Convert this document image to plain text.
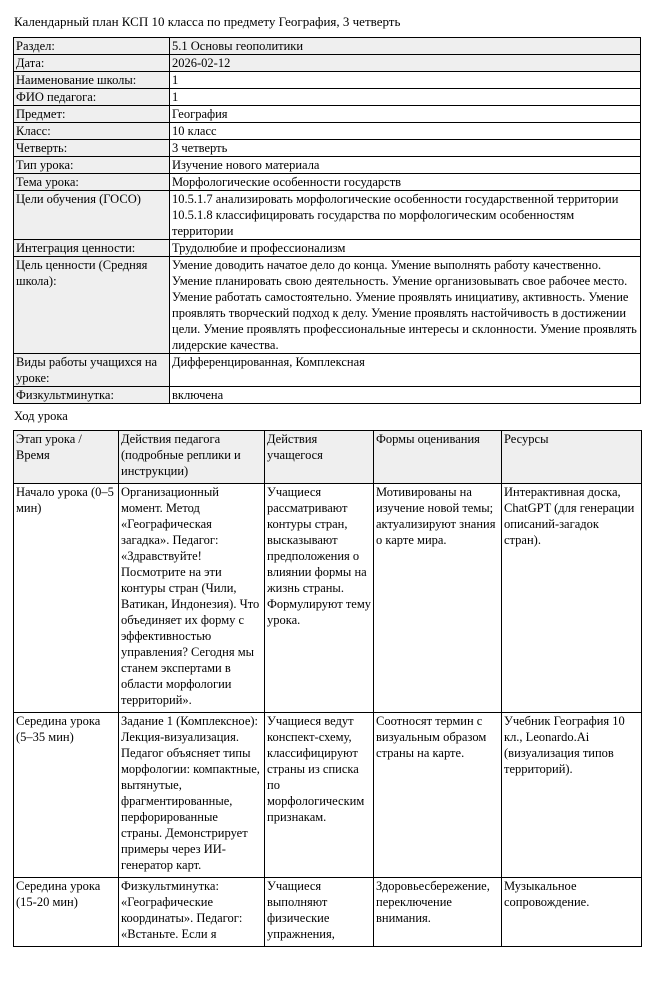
Календарный план КСП 10 класса по предмету География, 3 четверть
Раздел:	5.1 Основы геополитики
Дата:	2026-02-12
Наименование школы:	1
ФИО педагога:	1
Предмет:	География
Класс:	10 класс
Четверть:	3 четверть
Тип урока:	Изучение нового материала
Тема урока:	Морфологические особенности государств
Цели обучения (ГОСО)	10.5.1.7 анализировать морфологические особенности государственной территории 10.5.1.8 классифицировать государства по морфологическим особенностям территории
Интеграция ценности:	Трудолюбие и профессионализм
Цель ценности (Средняя школа):	Умение доводить начатое дело до конца. Умение выполнять работу качественно. Умение планировать свою деятельность. Умение организовывать свое рабочее место. Умение работать самостоятельно. Умение проявлять инициативу, активность. Умение проявлять творческий подход к делу. Умение проявлять настойчивость в достижении цели. Умение проявлять профессиональные интересы и склонности. Умение проявлять лидерские качества.
Виды работы учащихся на уроке:	Дифференцированная, Комплексная
Физкультминутка:	включена
Ход урока
Этап урока / Время	Действия педагога (подробные реплики и инструкции)	Действия учащегося	Формы оценивания	Ресурсы
Начало урока (0–5 мин)	Организационный момент. Метод «Географическая загадка». Педагог: «Здравствуйте! Посмотрите на эти контуры стран (Чили, Ватикан, Индонезия). Что объединяет их форму с эффективностью управления? Сегодня мы станем экспертами в области морфологии территорий».	Учащиеся рассматривают контуры стран, высказывают предположения о влиянии формы на жизнь страны. Формулируют тему урока.	Мотивированы на изучение новой темы; актуализируют знания о карте мира.	Интерактивная доска, ChatGPT (для генерации описаний-загадок стран).
Середина урока (5–35 мин)	Задание 1 (Комплексное): Лекция-визуализация. Педагог объясняет типы морфологии: компактные, вытянутые, фрагментированные, перфорированные страны. Демонстрирует примеры через ИИ-генератор карт.	Учащиеся ведут конспект-схему, классифицируют страны из списка по морфологическим признакам.	Соотносят термин с визуальным образом страны на карте.	Учебник География 10 кл., Leonardo.Ai (визуализация типов территорий).
Середина урока (15-20 мин)	Физкультминутка: «Географические координаты». Педагог: «Встаньте. Если я	Учащиеся выполняют физические упражнения,	Здоровьесбережение, переключение внимания.	Музыкальное сопровождение.
